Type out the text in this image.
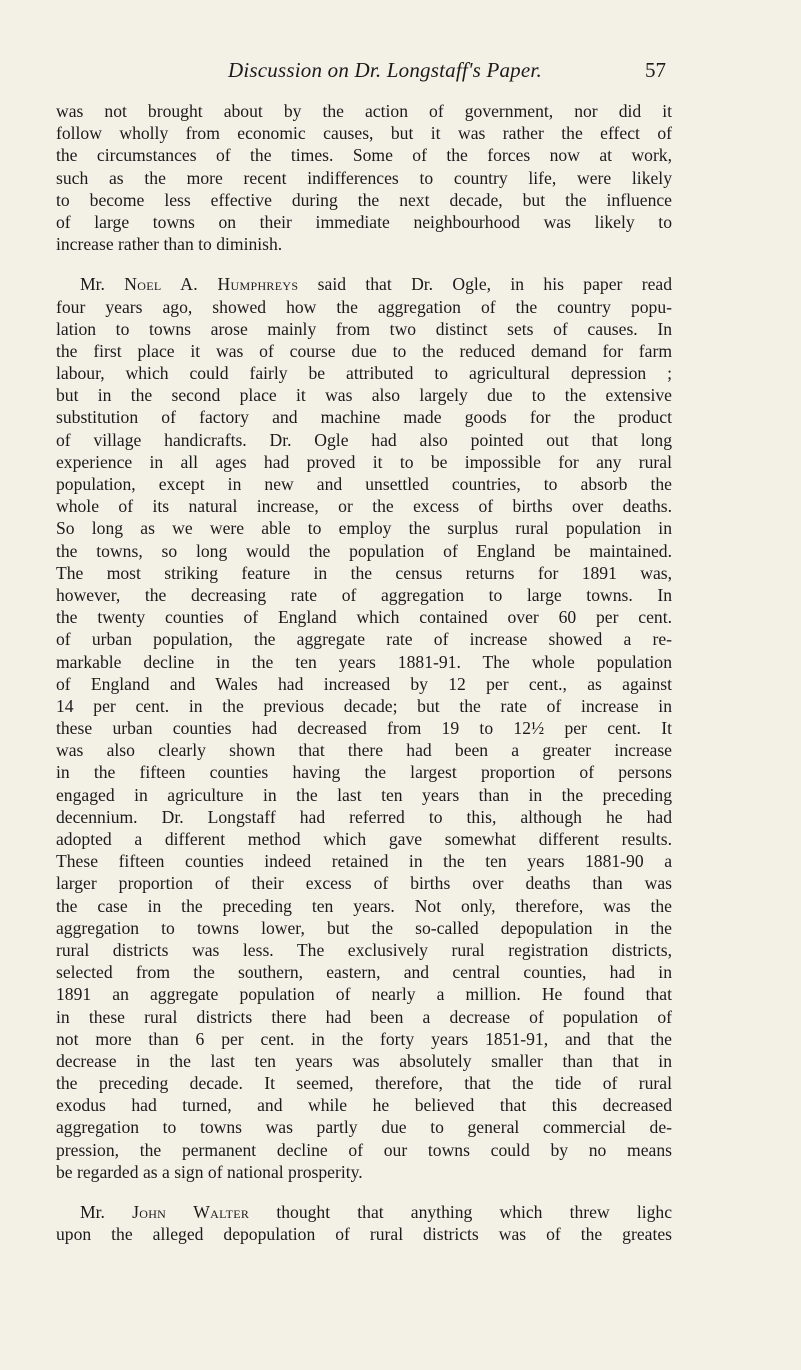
Discussion on Dr. Longstaff's Paper.	57
was not brought about by the action of government, nor did it
follow wholly from economic causes, but it was rather the effect of
the circumstances of the times. Some of the forces now at work,
such as the more recent indifferences to country life, were likely
to become less effective during the next decade, but the influence
of large towns on their immediate neighbourhood was likely to
increase rather than to diminish.
Mr. Noel A. Humphreys said that Dr. Ogle, in his paper read
four years ago, showed how the aggregation of the country popu-
lation to towns arose mainly from two distinct sets of causes. In
the first place it was of course due to the reduced demand for farm
labour, which could fairly be attributed to agricultural depression ;
but in the second place it was also largely due to the extensive
substitution of factory and machine made goods for the product
of village handicrafts. Dr. Ogle had also pointed out that long
experience in all ages had proved it to be impossible for any rural
population, except in new and unsettled countries, to absorb the
whole of its natural increase, or the excess of births over deaths.
So long as we were able to employ the surplus rural population in
the towns, so long would the population of England be maintained.
The most striking feature in the census returns for 1891 was,
however, the decreasing rate of aggregation to large towns. In
the twenty counties of England which contained over 60 per cent.
of urban population, the aggregate rate of increase showed a re-
markable decline in the ten years 1881-91. The whole population
of England and Wales had increased by 12 per cent., as against
14 per cent. in the previous decade; but the rate of increase in
these urban counties had decreased from 19 to 12½ per cent. It
was also clearly shown that there had been a greater increase
in the fifteen counties having the largest proportion of persons
engaged in agriculture in the last ten years than in the preceding
decennium. Dr. Longstaff had referred to this, although he had
adopted a different method which gave somewhat different results.
These fifteen counties indeed retained in the ten years 1881-90 a
larger proportion of their excess of births over deaths than was
the case in the preceding ten years. Not only, therefore, was the
aggregation to towns lower, but the so-called depopulation in the
rural districts was less. The exclusively rural registration districts,
selected from the southern, eastern, and central counties, had in
1891 an aggregate population of nearly a million. He found that
in these rural districts there had been a decrease of population of
not more than 6 per cent. in the forty years 1851-91, and that the
decrease in the last ten years was absolutely smaller than that in
the preceding decade. It seemed, therefore, that the tide of rural
exodus had turned, and while he believed that this decreased
aggregation to towns was partly due to general commercial de-
pression, the permanent decline of our towns could by no means
be regarded as a sign of national prosperity.
Mr. John Walter thought that anything which threw lighc
upon the alleged depopulation of rural districts was of the greates
